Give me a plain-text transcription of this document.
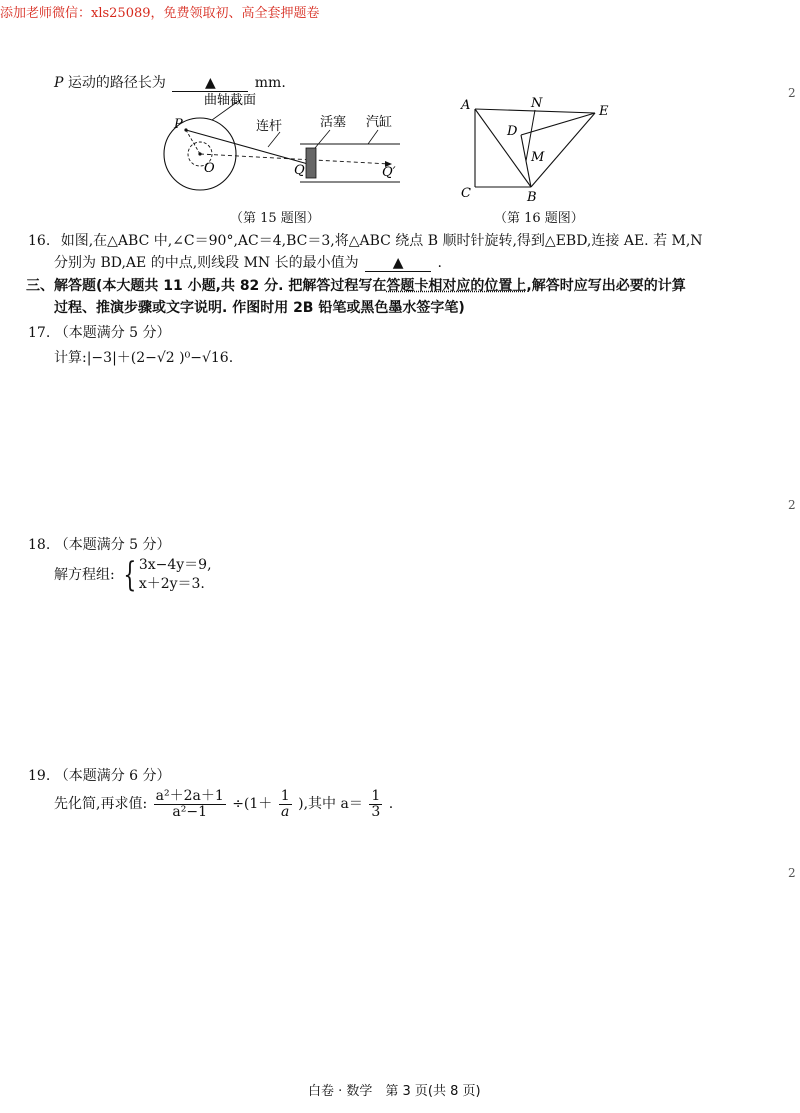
添加老师微信：xls25089，免费领取初、高全套押题卷
P 运动的路径长为	▲	mm.
曲轴截面
连杆	活塞 汽缸
P
O	Q	Q′
（第 15 题图）
A	N
E
D
M
C	B
（第 16 题图）
16. 如图,在△ABC 中,∠C＝90°,AC＝4,BC＝3,将△ABC 绕点 B 顺时针旋转,得到△EBD,连接 AE. 若 M,N
分别为 BD,AE 的中点,则线段 MN 长的最小值为 ▲ .
三、解答题(本大题共 11 小题,共 82 分. 把解答过程写在答题卡相对应的位置上,解答时应写出必要的计算
过程、推演步骤或文字说明. 作图时用 2B 铅笔或黑色墨水签字笔)
17. （本题满分 5 分）
计算:|−3|＋(2−√2 )⁰−√16.
18. （本题满分 5 分）
解方程组: { 3x−4y＝9,
x＋2y＝3.
19. （本题满分 6 分）
先化简,再求值: $\frac{\text{a²＋2a＋1}}{\text{a²−1}} \div(1+ \frac{1}{a}$ ),其中 $a= \frac{1}{3}$ .
2
2
2
白卷 · 数学　第 3 页(共 8 页)
